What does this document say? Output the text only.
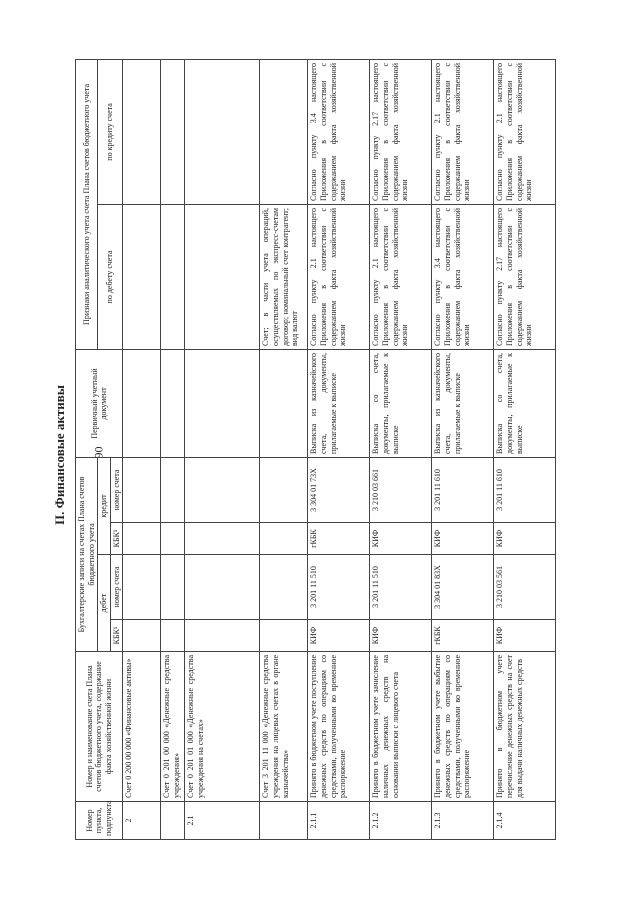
90
II. Финансовые активы
Номер пункта, подпункта	Номер и наименование счета Плана счетов бюджетного учета, содержание факта хозяйственной жизни	Бухгалтерские записи на счетах Плана счетов бюджетного учета				Первичный учетный документ	Признаки аналитического учета счета Плана счетов бюджетного учета	
		дебет		кредит			по дебету счета	по кредиту счета
		КБК¹	номер счета	КБК¹	номер счета			
2	Счет 0 200 00 000 «Финансовые активы»							
	Счет 0 201 00 000 «Денежные средства учреждения»							
2.1	Счет 0 201 01 000 «Денежные средства учреждения на счетах»							
	Счет 3 201 11 000 «Денежные средства учреждения на лицевых счетах в органе казначейства»						Счет; в части учета операций, осуществляемых по экспресс-счетам договор; номинальный счет контрагент; вид валют	
2.1.1	Принято в бюджетном учете поступление денежных средств по операциям со средствами, полученными во временное распоряжение	КИФ	3 201 11 510	гКБК	3 304 01 73Х	Выписка из казначейского счета, документы, прилагаемые к выписке	Согласно пункту 2.1 настоящего Приложения в соответствии с содержанием факта хозяйственной жизни	Согласно пункту 3.4 настоящего Приложения в соответствии с содержанием факта хозяйственной жизни
2.1.2	Принято в бюджетном учете зачисление наличных денежных средств на основании выписки с лицевого счета	КИФ	3 201 11 510	КИФ	3 210 03 661	Выписка со счета, документы, прилагаемые к выписке	Согласно пункту 2.1 настоящего Приложения в соответствии с содержанием факта хозяйственной жизни	Согласно пункту 2.17 настоящего Приложения в соответствии с содержанием факта хозяйственной жизни
2.1.3	Принято в бюджетном учете выбытие денежных средств по операциям со средствами, полученными во временное распоряжение	гКБК	3 304 01 83Х	КИФ	3 201 11 610	Выписка из казначейского счета, документы, прилагаемые к выписке	Согласно пункту 3.4 настоящего Приложения в соответствии с содержанием факта хозяйственной жизни	Согласно пункту 2.1 настоящего Приложения в соответствии с содержанием факта хозяйственной жизни
2.1.4	Принято в бюджетном учете перечисление денежных средств на счет для выдачи наличных денежных средств	КИФ	3 210 03 561	КИФ	3 201 11 610	Выписка со счета, документы, прилагаемые к выписке	Согласно пункту 2.17 настоящего Приложения в соответствии с содержанием факта хозяйственной жизни	Согласно пункту 2.1 настоящего Приложения в соответствии с содержанием факта хозяйственной жизни
